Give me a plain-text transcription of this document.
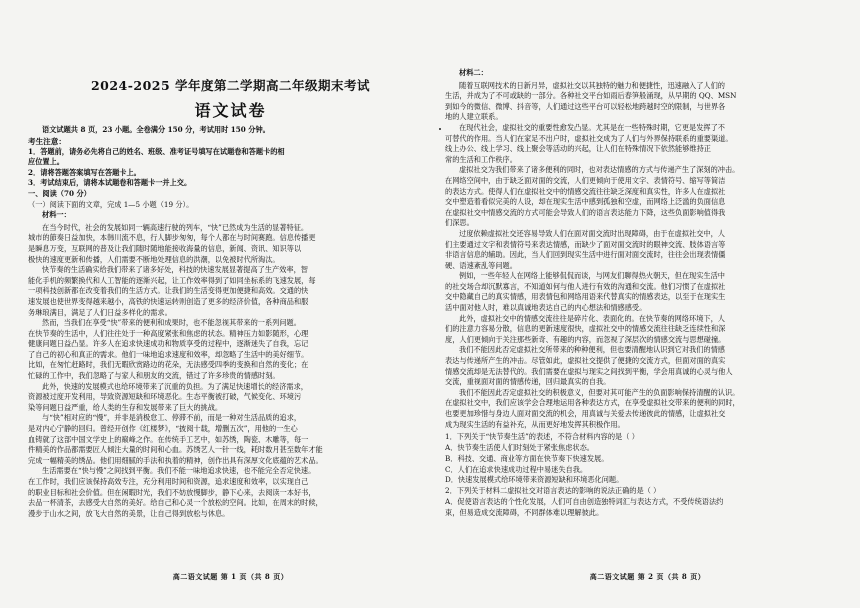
2024-2025 学年度第二学期高二年级期末考试
语文试卷
语文试题共 8 页，23 小题。全卷满分 150 分，考试用时 150 分钟。
考生注意：
1．答题前，请务必先将自己的姓名、班级、准考证号填写在试题卷和答题卡的相
应位置上。
2．请将答题答案填写在答题卡上。
3．考试结束后，请将本试题卷和答题卡一并上交。
一、阅读（70 分）
（一）阅读下面的文章，完成 1—5 小题（19 分）。
材料一：
在当今时代，社会的发展如同一辆高速行驶的列车，“快”已然成为生活的显著特征。
城市的節奏日益加快，本韩川流不息，行人脚步匆匆，每个人都在与时间赛跑。信息传播更
是瞬息万变，互联网的普及让我们随时随地能接收海量的信息，新闻、资讯、知识等以
极快的速度更新和传播，人们需要不断地处理信息的洪潮，以免被时代所淘汰。
快节奏的生活确实给我们带来了诸多好处，科技的快速发展显著提高了生产效率，智
能化手机的频繁换代和人工智能的逐渐兴起，让工作效率得到了如同坐标系的飞速发展，每
一项科技创新都在改变着我们的生活方式。让我们的生活变得更加便捷和高效。交通的快
速发展也使世界变得越来越小，高铁的快速运转则创造了更多的经济价值，各种商品和服
务琳琅满目，满足了人们日益多样化的需求。
然而，当我们在享受“快”带来的便利和成果时，也不能忽视其带来的一系列问题。
在快节奏的生活中，人们往往处于一种高度紧张和焦虑的状态。精神压力如影随形，心理
健康问题日益凸显。许多人在追求快速成功和物质享受的过程中，逐渐迷失了自我，忘记
了自己的初心和真正的需求。他们一味地追求速度和效率，却忽略了生活中的美好细节。
比如，在匆忙赶路时，我们无暇欣赏路边的花朵，无法感受四季的变换和自然的变化；在
忙碌的工作中，我们忽略了与家人和朋友的交流，错过了许多珍贵的情感时刻。
此外，快速的发展模式也给环境带来了沉重的负担。为了满足快速增长的经济需求，
资源被过度开发利用，导致资源短缺和环境恶化。生态平衡被打破，气候变化、环境污
染等问题日益严重，给人类的生存和发展带来了巨大的挑战。
与“快”相对应的“慢”，并非是消极怠工、停滞不前，而是一种对生活品质的追求，
是对内心宁静的回归。曾经开创作《红楼梦》，“披阅十载，增删五次”，用他的一生心
血铸就了这部中国文学史上的巅峰之作。在传统手工艺中，如苏绣，陶瓷、木雕等，每一
件精美的作品都需要匠人倾注大量的时间和心血。苏绣艺人一针一线，耗时数月甚至数年才能
完成一幅精美的绣品。他们用细腻的手法和执着的精神，创作出具有深厚文化底蕴的艺术品。
生活需要在“快与慢”之间找到平衡。我们不能一味地追求快速，也不能完全否定快速。
在工作时，我们应该保持高效专注，充分利用时间和资源，追求速度和效率，以实现自己
的职业目标和社会价值。但在闲暇时光，我们不妨放慢脚步，静下心来，去阅读一本好书，
去品一杯清茶，去感受大自然的美好。给自己和心灵一个放松的空间。比如，在周末的时候，
漫步于山水之间，放飞大自然的美景，让自己得到放松与休息。
高二语文试题 第 1 页（共 8 页）
材料二：
随着互联网技术的日新月异，虚拟社交以其独特的魅力和便捷性，迅速融入了人们的
生活，并成为了不可或缺的一部分。各种社交平台如雨后春笋般涌现，从早期的 QQ、MSN
到如今的微信、微博、抖音等，人们通过这些平台可以轻松地跨越时空的限制，与世界各
地的人建立联系。
在现代社会，虚拟社交的重要性愈发凸显。尤其是在一些特殊时期，它更是发挥了不
可替代的作用。当人们在家足不出户时，虚拟社交成为了人们与外界保持联系的重要渠道。
线上办公、线上学习、线上聚会等活动的兴起，让人们在特殊情况下依然能够维持正
常的生活和工作秩序。
虚拟社交为我们带来了诸多便利的同时，也对表达情感的方式与传递产生了深刻的冲击。
在网络空间中，由于缺乏面对面的交流，人们更倾向于使用文字、表情符号、缩写等简洁
的表达方式。使得人们在虚拟社交中的情感交流往往缺乏深度和真实性，许多人在虚拟社
交中塑造着看似完美的人设，却在现实生活中感到孤独和空虚，而网络上泛滥的负面信息
在虚拟社交中情感交流的方式可能会导致人们的语言表达能力下降，这些负面影响值得我
们深思。
过度依赖虚拟社交还容易导致人们在面对面交流时出现障碍，由于在虚拟社交中，人
们主要通过文字和表情符号来表达情感，而缺少了面对面交流时的眼神交流、肢体语言等
非语言信息的辅助。因此，当人们回到现实生活中进行面对面交流时，往往会出现表情僵
硬、语速紊乱等问题。
例如，一些年轻人在网络上能够侃侃而谈，与网友们聊得热火朝天，但在现实生活中
的社交场合却沉默寡言，不知道如何与他人进行有效的沟通和交流。他们习惯了在虚拟社
交中隐藏自己的真实情感，用表情包和网络用语来代替真实的情感表达，以至于在现实生
活中面对他人时，难以真诚地表达自己的内心想法和情感感受。
此外，虚拟社交中的情感交流往往是碎片化、表面化的。在快节奏的网络环境下，人
们的注意力容易分散，信息的更新速度很快，虚拟社交中的情感交流往往缺乏连续性和深
度，人们更倾向于关注那些新奇、有趣的内容，而忽视了深层次的情感交流与思想碰撞。
我们不能因此否定虚拟社交所带来的种种便利，但也要清醒地认识到它对我们的情感
表达与传递所产生的冲击。尽管如此，虚拟社交提供了便捷的交流方式，但面对面的真实
情感交流却是无法替代的。我们需要在虚拟与现实之间找到平衡，学会用真诚的心灵与他人
交流，重视面对面的情感传递，回归最真实的自我。
我们不能因此否定虚拟社交的积极意义，但要对其可能产生的负面影响保持清醒的认识。
在虚拟社交中，我们应该学会合理地运用各种表达方式，在享受虚拟社交带来的便利的同时，
也要更加珍惜与身边人面对面交流的机会，用真诚与关爱去传递彼此的情感，让虚拟社交
成为现实生活的有益补充，从而更好地发挥其积极作用。
1．下列关于“快节奏生活”的表述，不符合材料内容的是（ ）
A．快节奏生活使人们时刻处于紧张焦虑状态。
B．科技、交通、商业等方面在快节奏下快速发展。
C．人们在追求快速成功过程中易迷失自我。
D．快速发展模式给环境带来资源短缺和环境恶化问题。
2．下列关于材料二虚拟社交对语言表达的影响的说法正确的是（ ）
A．促使语言表达的个性化发展，人们可自由创造独特词汇与表达方式，不受传统语法约
束，但易造成交流障碍，不同群体难以理解彼此。
高二语文试题 第 2 页（共 8 页）
